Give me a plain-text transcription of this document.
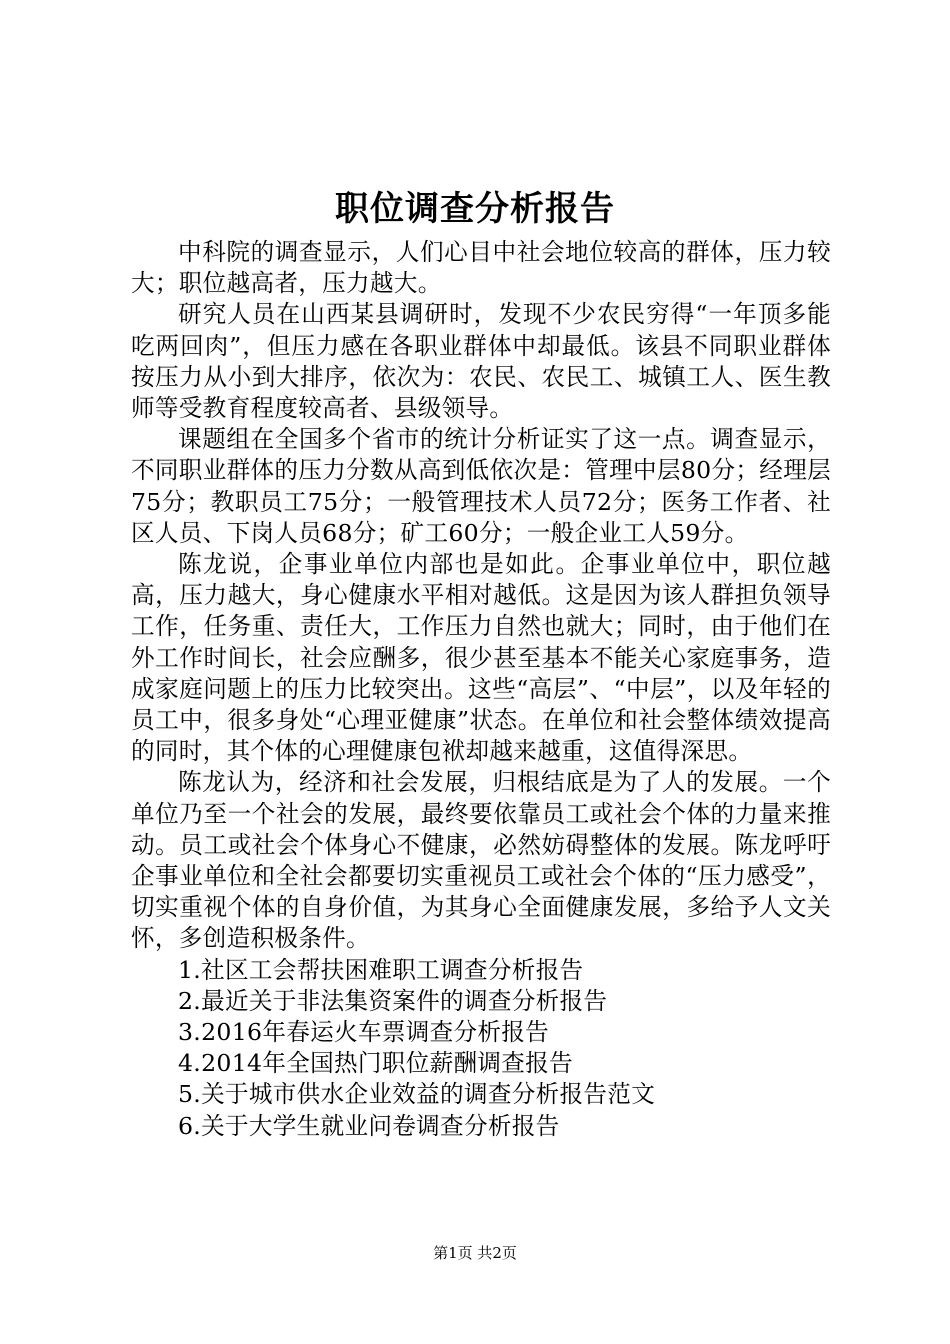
职位调查分析报告

中科院的调查显示，人们心目中社会地位较高的群体，压力较大；职位越高者，压力越大。

研究人员在山西某县调研时，发现不少农民穷得“一年顶多能吃两回肉”，但压力感在各职业群体中却最低。该县不同职业群体按压力从小到大排序，依次为：农民、农民工、城镇工人、医生教师等受教育程度较高者、县级领导。

课题组在全国多个省市的统计分析证实了这一点。调查显示，不同职业群体的压力分数从高到低依次是：管理中层80分；经理层75分；教职员工75分；一般管理技术人员72分；医务工作者、社区人员、下岗人员68分；矿工60分；一般企业工人59分。

陈龙说，企事业单位内部也是如此。企事业单位中，职位越高，压力越大，身心健康水平相对越低。这是因为该人群担负领导工作，任务重、责任大，工作压力自然也就大；同时，由于他们在外工作时间长，社会应酬多，很少甚至基本不能关心家庭事务，造成家庭问题上的压力比较突出。这些“高层”、“中层”，以及年轻的员工中，很多身处“心理亚健康”状态。在单位和社会整体绩效提高的同时，其个体的心理健康包袱却越来越重，这值得深思。

陈龙认为，经济和社会发展，归根结底是为了人的发展。一个单位乃至一个社会的发展，最终要依靠员工或社会个体的力量来推动。员工或社会个体身心不健康，必然妨碍整体的发展。陈龙呼吁企事业单位和全社会都要切实重视员工或社会个体的“压力感受”，切实重视个体的自身价值，为其身心全面健康发展，多给予人文关怀，多创造积极条件。

1.社区工会帮扶困难职工调查分析报告
2.最近关于非法集资案件的调查分析报告
3.2016年春运火车票调查分析报告
4.2014年全国热门职位薪酬调查报告
5.关于城市供水企业效益的调查分析报告范文
6.关于大学生就业问卷调查分析报告
第1页 共2页
